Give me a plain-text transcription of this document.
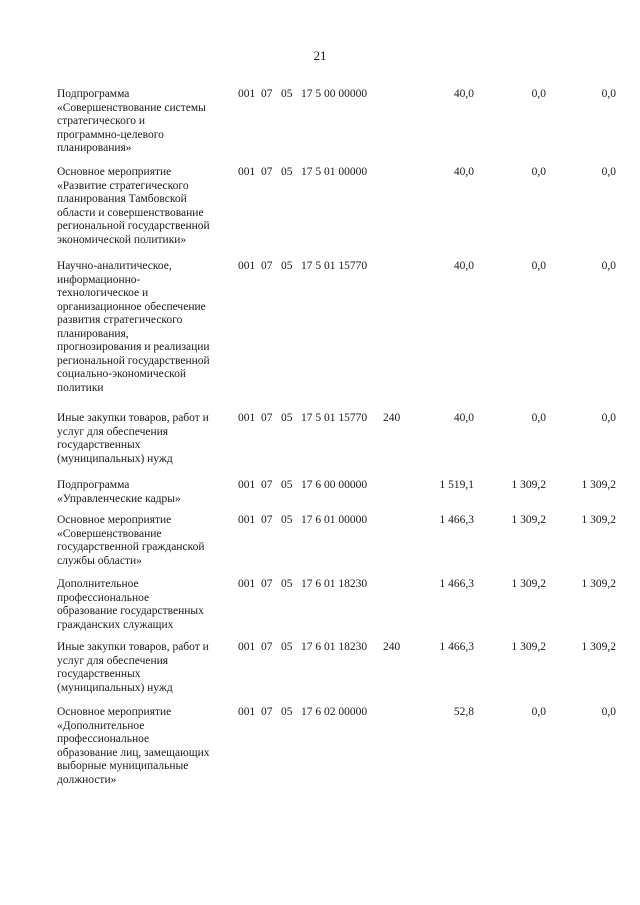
21
Подпрограмма
«Совершенствование системы
стратегического и
программно-целевого
планирования»
001 07 05 17 5 00 00000	40,0	0,0	0,0
Основное мероприятие
«Развитие стратегического
планирования Тамбовской
области и совершенствование
региональной государственной
экономической политики»
001 07 05 17 5 01 00000	40,0	0,0	0,0
Научно-аналитическое,
информационно-
технологическое и
организационное обеспечение
развития стратегического
планирования,
прогнозирования и реализации
региональной государственной
социально-экономической
политики
001 07 05 17 5 01 15770	40,0	0,0	0,0
Иные закупки товаров, работ и
услуг для обеспечения
государственных
(муниципальных) нужд
001 07 05 17 5 01 15770 240	40,0	0,0	0,0
Подпрограмма
«Управленческие кадры»
001 07 05 17 6 00 00000	1 519,1	1 309,2	1 309,2
Основное мероприятие
«Совершенствование
государственной гражданской
службы области»
001 07 05 17 6 01 00000	1 466,3	1 309,2	1 309,2
Дополнительное
профессиональное
образование государственных
гражданских служащих
001 07 05 17 6 01 18230	1 466,3	1 309,2	1 309,2
Иные закупки товаров, работ и
услуг для обеспечения
государственных
(муниципальных) нужд
001 07 05 17 6 01 18230 240	1 466,3	1 309,2	1 309,2
Основное мероприятие
«Дополнительное
профессиональное
образование лиц, замещающих
выборные муниципальные
должности»
001 07 05 17 6 02 00000	52,8	0,0	0,0
